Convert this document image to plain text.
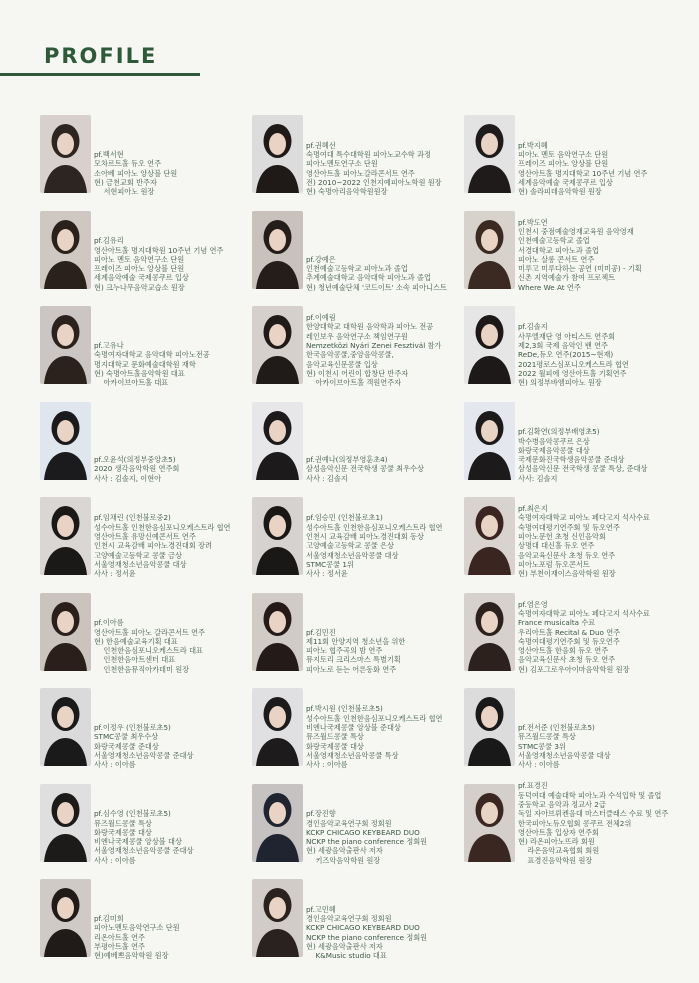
PROFILE
pf.백서현
모차르트홀 듀오 연주
소아베 피아노 앙상블 단원
현) 금천교회 반주자
　 서현피아노 원장
pf.권혜선
숙명여대 특수대학원 피아노교수학 과정
피아노멘토연구소 단원
영산아트홀 피아노갈라콘서트 연주
전) 2010~2022 인천지예피아노학원 원장
현) 숙명아리음악학원원장
pf.박지혜
피아노 멘토 음악연구소 단원
프레이즈 피아노 앙상블 단원
영산아트홀 명지대학교 10주년 기념 연주
세계음악예술 국제콩쿠르 입상
현) 솔라피데음악학원 원장
pf.김유리
영산아트홀 명지대학원 10주년 기념 연주
피아노 멘토 음악연구소 단원
프레이즈 피아노 앙상블 단원
세계음악예술 국제콩쿠르 입상
현) 크누나무음악교습소 원장
pf.강예은
인천예술고등학교 피아노과 졸업
추계예술대학교 음악대학 피아노과 졸업
현) 청년예술단체 '코드이트' 소속 피아니스트
pf.박도연
인천시 중점예술영재교육원 음악영재
인천예술고등학교 졸업
서경대학교 피아노과 졸업
피아노 살롱 콘서트 연주
미루고 미루다하는 공연 (미미공) - 기획
신촌 지역예술가 참여 프로젝트
Where We At 연주
pf.고유나
숙명여자대학교 음악대학 피아노전공
명지대학교 문화예술대학원 재학
현) 숙명아트홀음악학원 대표
　 아카이브아트홀 대표
pf.이예림
한양대학교 대학원 음악학과 피아노 전공
레인보우 음악연구소 책임연구원
Nemzetközi Nyári Zenei Fesztivál 참가
한국음악콩쿨,중앙음악콩쿨,
음악교육신문콩쿨 입상
현) 이천시 어린이 합창단 반주자
　 아카이브아트홀 객원연주자
pf.김솔지
사무엘재단 영 아티스트 연주회
제2,3회 국제 음악인 밴 연주
ReDe,듀오 연주(2015~현재)
2021평로스심포니오케스트라 협연
2022 월피에 영산아트홀 기획연주
현) 의정부바엠피아노 원장
pf.오윤석(의정부중앙초5)
2020 생각음악학원 연주회
사사 : 김솔지, 이현아
pf.권예나(의정부영훈초4)
삼성음악신문 전국학생 콩쿨 최우수상
사사 : 김솔지
pf.김확연(의정부배영초5)
박수병음악콩쿠르 은상
화랑국제음악콩쿨 대상
국제문화진국학생음악콩쿨 준대상
삼성음악신문 전국학생 콩쿨 특상, 준대상
사사: 김솔지
pf.임채린 (인천불로중2)
성수아트홀 인천한음심포니오케스트라 협연
영산아트홀 유망신예콘서트 연주
인천시 교육감배 피아노경진대회 장려
고양예술고등학교 콩쿨 금상
서울영재청소년음악콩쿨 대상
사사 : 정서윤
pf.임승민 (인천불로초1)
성수아트홀 인천한음심포니오케스트라 협연
인천시 교육감배 피아노경진대회 동상
고양예술고등학교 콩쿨 은상
서울영재청소년음악콩쿨 대상
STMC콩쿨 1위
사사 : 정서윤
pf.최은지
숙명여자대학교 피아노 페다고지 석사수료
숙명여대평기연주회 및 듀오연주
피아노문헌 초청 신인음악회
상명대 대신홀 듀오 연주
음악교육신문사 초청 듀오 연주
피아노포럼 듀오콘서트
현) 부천이재이스음악학원 원장
pf.이아름
영산아트홀 피아노 갈라콘서트 연주
현) 한음예술교육기획 대표
　 인천한음심포니오케스트라 대표
　 인천한음아트센터 대표
　 인천한음뮤직아카데미 원장
pf.김민진
제11회 안양지역 청소년을 위한
피아노 협주곡의 밤 연주
뮤지토리 크리스마스 특별기획
피아노로 듣는 어른동화 연주
pf.염은영
숙명여자대학교 피아노 페다고지 석사수료
France musicalta 수료
우리아트홀 Recital & Duo 연주
숙명여대평기연주회 및 듀오연주
영산아트홀 한음회 듀오 연주
음악교육신문사 초청 듀오 연주
현) 김포그로우아이마음악학원 원장
pf.이정우 (인천불로초5)
STMC콩쿨 최우수상
화랑국제콩쿨 준대상
서울영재청소년음악콩쿨 준대상
사사 : 이아름
pf.박시원 (인천불로초5)
성수아트홀 인천한음심포니오케스트라 협연
비엔나국제콩쿨 앙상블 준대상
뮤즈월드콩쿨 특상
화랑국제콩쿨 대상
서울영재청소년음악콩쿨 특상
사사 : 이아름
pf.전서준 (인천불로초5)
뮤즈월드콩쿨 특상
STMC콩쿨 3위
서울영재청소년음악콩쿨 대상
사사 : 이아름
pf.심수영 (인천불로초5)
뮤즈월드콩쿨 특상
화랑국제콩쿨 대상
비엔나국제콩쿨 앙상블 대상
서울영재청소년음악콩쿨 준대상
사사 : 이아름
pf.장진향
경인음악교육연구회 정회원
KCKP CHICAGO KEYBEARD DUO
NCKP the piano conference 정회원
현) 세광음악출판사 저자
　 키즈악음악학원 원장
pf.표경진
동덕여대 예술대학 피아노과 수석입학 및 졸업
중등학교 음악과 정교사 2급
독일 자아브뤼켄음대 마스터클래스 수료 및 연주
한국피아노듀오협회 콩쿠르 전체2위
영산아트홀 입상자 연주회
현) 라온피아노뜨라 회원
　 라온음악교육협회 회원
　 표경진음악학원 원장
pf.김미희
피아노멘토음악연구소 단원
리온아트홀 연주
부평아트홀 연주
현)예베쁘음악학원 원장
pf.고민혜
경인음악교육연구회 정회원
KCKP CHICAGO KEYBEARD DUO
NCKP the piano conference 정회원
현) 세광음악출판사 저자
　 K&Music studio 대표
